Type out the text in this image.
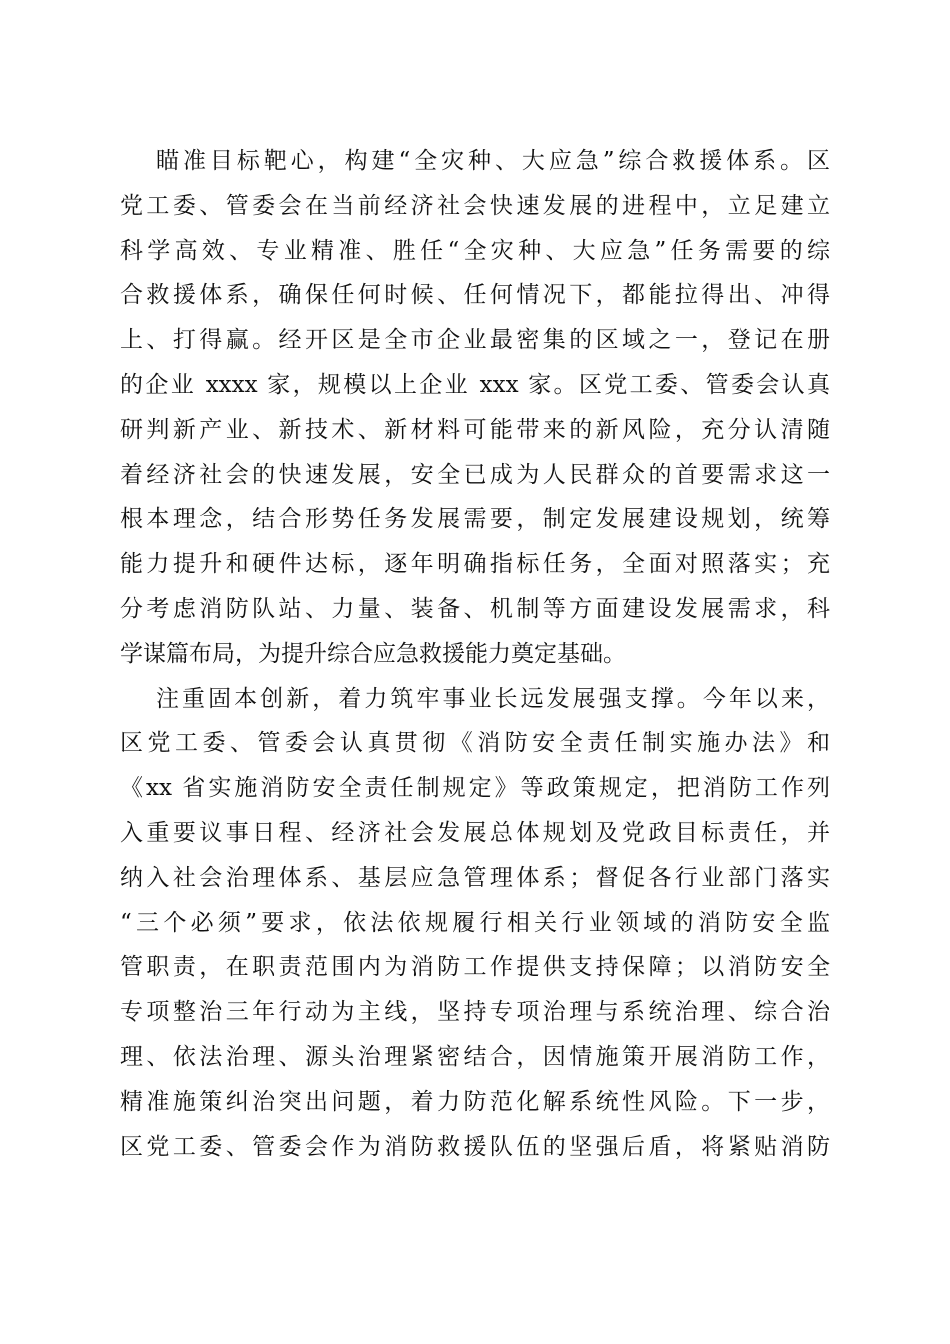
瞄准目标靶心，构建“全灾种、大应急”综合救援体系。区
党工委、管委会在当前经济社会快速发展的进程中，立足建立
科学高效、专业精准、胜任“全灾种、大应急”任务需要的综
合救援体系，确保任何时候、任何情况下，都能拉得出、冲得
上、打得赢。经开区是全市企业最密集的区域之一，登记在册
的企业 xxxx 家，规模以上企业 xxx 家。区党工委、管委会认真
研判新产业、新技术、新材料可能带来的新风险，充分认清随
着经济社会的快速发展，安全已成为人民群众的首要需求这一
根本理念，结合形势任务发展需要，制定发展建设规划，统筹
能力提升和硬件达标，逐年明确指标任务，全面对照落实；充
分考虑消防队站、力量、装备、机制等方面建设发展需求，科
学谋篇布局，为提升综合应急救援能力奠定基础。
注重固本创新，着力筑牢事业长远发展强支撑。今年以来，
区党工委、管委会认真贯彻《消防安全责任制实施办法》和
《xx 省实施消防安全责任制规定》等政策规定，把消防工作列
入重要议事日程、经济社会发展总体规划及党政目标责任，并
纳入社会治理体系、基层应急管理体系；督促各行业部门落实
“三个必须”要求，依法依规履行相关行业领域的消防安全监
管职责，在职责范围内为消防工作提供支持保障；以消防安全
专项整治三年行动为主线，坚持专项治理与系统治理、综合治
理、依法治理、源头治理紧密结合，因情施策开展消防工作，
精准施策纠治突出问题，着力防范化解系统性风险。下一步，
区党工委、管委会作为消防救援队伍的坚强后盾，将紧贴消防
